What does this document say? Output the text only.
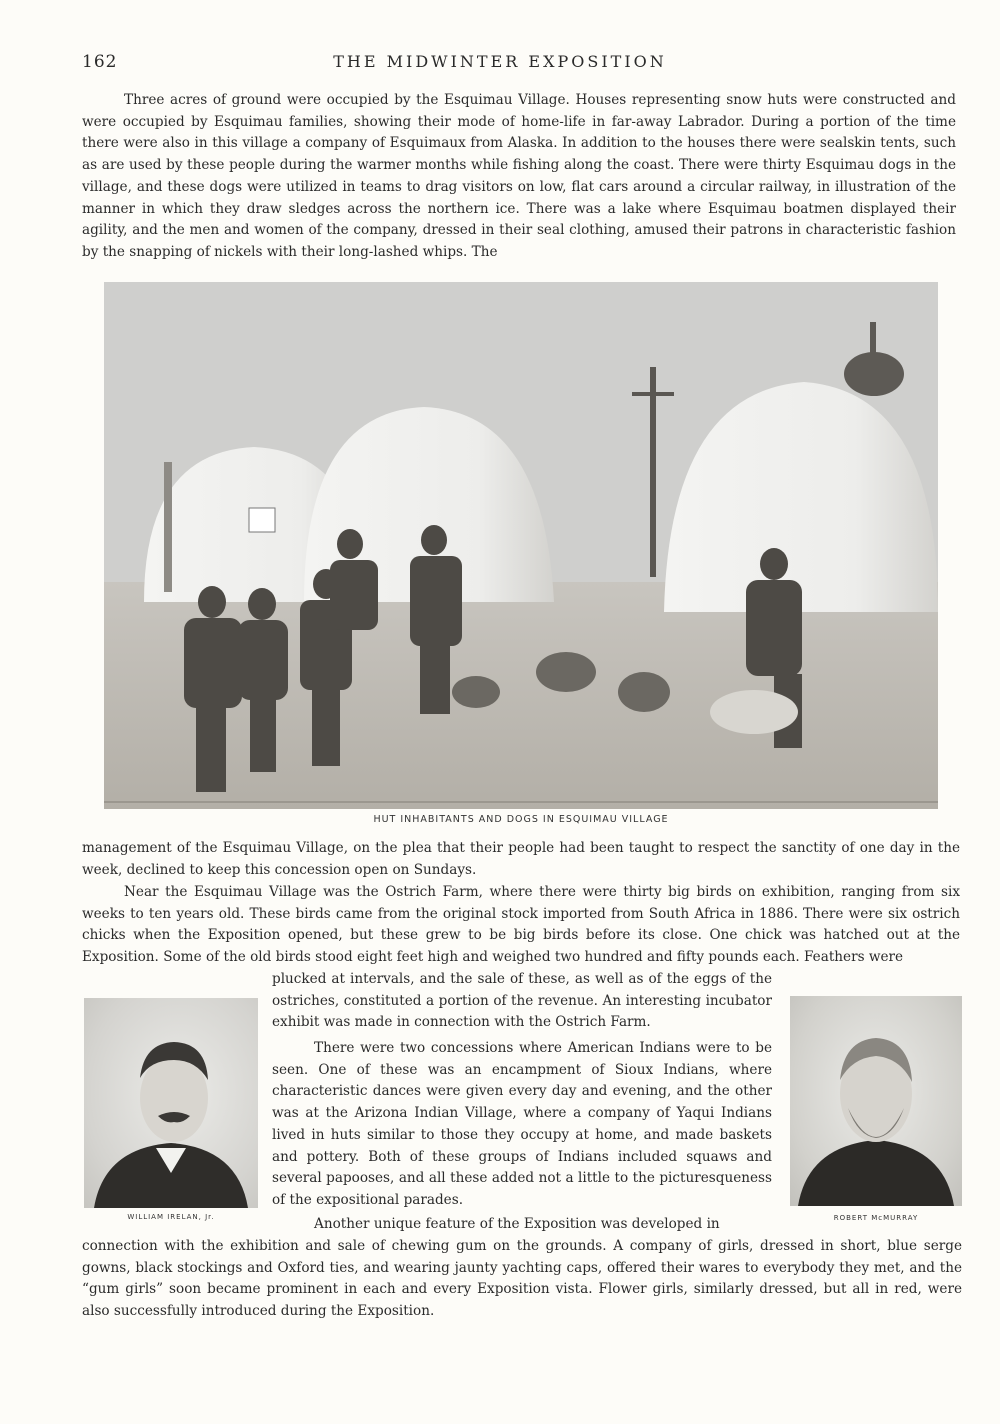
162	THE MIDWINTER EXPOSITION

Three acres of ground were occupied by the Esquimau Village. Houses representing snow huts were constructed and were occupied by Esquimau families, showing their mode of home-life in far-away Labrador. During a portion of the time there were also in this village a company of Esquimaux from Alaska. In addition to the houses there were sealskin tents, such as are used by these people during the warmer months while fishing along the coast. There were thirty Esquimau dogs in the village, and these dogs were utilized in teams to drag visitors on low, flat cars around a circular railway, in illustration of the manner in which they draw sledges across the northern ice. There was a lake where Esquimau boatmen displayed their agility, and the men and women of the company, dressed in their seal clothing, amused their patrons in characteristic fashion by the snapping of nickels with their long-lashed whips. The

HUT INHABITANTS AND DOGS IN ESQUIMAU VILLAGE

management of the Esquimau Village, on the plea that their people had been taught to respect the sanctity of one day in the week, declined to keep this concession open on Sundays.

Near the Esquimau Village was the Ostrich Farm, where there were thirty big birds on exhibition, ranging from six weeks to ten years old. These birds came from the original stock imported from South Africa in 1886. There were six ostrich chicks when the Exposition opened, but these grew to be big birds before its close. One chick was hatched out at the Exposition. Some of the old birds stood eight feet high and weighed two hundred and fifty pounds each. Feathers were

plucked at intervals, and the sale of these, as well as of the eggs of the ostriches, constituted a portion of the revenue. An interesting incubator exhibit was made in connection with the Ostrich Farm.

WILLIAM IRELAN, Jr.

There were two concessions where American Indians were to be seen. One of these was an encampment of Sioux Indians, where characteristic dances were given every day and evening, and the other was at the Arizona Indian Village, where a company of Yaqui Indians lived in huts similar to those they occupy at home, and made baskets and pottery. Both of these groups of Indians included squaws and several papooses, and all these added not a little to the picturesqueness of the expositional parades.

ROBERT McMURRAY

Another unique feature of the Exposition was developed in

connection with the exhibition and sale of chewing gum on the grounds. A company of girls, dressed in short, blue serge gowns, black stockings and Oxford ties, and wearing jaunty yachting caps, offered their wares to everybody they met, and the “gum girls” soon became prominent in each and every Exposition vista. Flower girls, similarly dressed, but all in red, were also successfully introduced during the Exposition.
